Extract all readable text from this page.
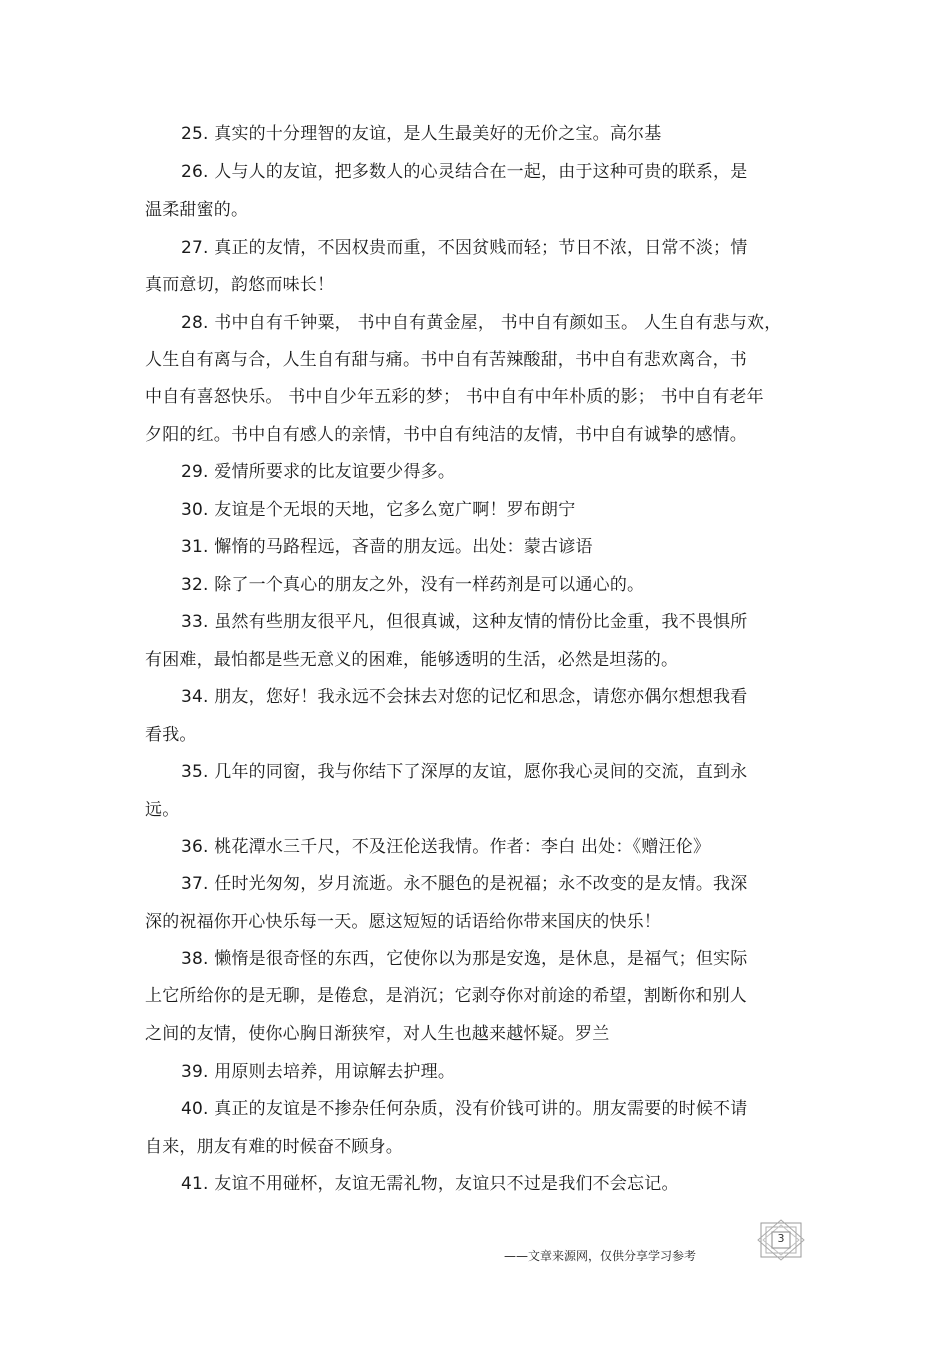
25. 真实的十分理智的友谊，是人生最美好的无价之宝。高尔基
26. 人与人的友谊，把多数人的心灵结合在一起，由于这种可贵的联系，是
温柔甜蜜的。
27. 真正的友情，不因权贵而重，不因贫贱而轻；节日不浓，日常不淡；情
真而意切，韵悠而味长！
28. 书中自有千钟粟， 书中自有黄金屋， 书中自有颜如玉。 人生自有悲与欢，
人生自有离与合，人生自有甜与痛。书中自有苦辣酸甜，书中自有悲欢离合，书
中自有喜怒快乐。 书中自少年五彩的梦； 书中自有中年朴质的影； 书中自有老年
夕阳的红。书中自有感人的亲情，书中自有纯洁的友情，书中自有诚挚的感情。
29. 爱情所要求的比友谊要少得多。
30. 友谊是个无垠的天地，它多么宽广啊！罗布朗宁
31. 懈惰的马路程远，吝啬的朋友远。出处：蒙古谚语
32. 除了一个真心的朋友之外，没有一样药剂是可以通心的。
33. 虽然有些朋友很平凡，但很真诚，这种友情的情份比金重，我不畏惧所
有困难，最怕都是些无意义的困难，能够透明的生活，必然是坦荡的。
34. 朋友，您好！我永远不会抹去对您的记忆和思念，请您亦偶尔想想我看
看我。
35. 几年的同窗，我与你结下了深厚的友谊，愿你我心灵间的交流，直到永
远。
36. 桃花潭水三千尺，不及汪伦送我情。作者：李白 出处：《赠汪伦》
37. 任时光匆匆，岁月流逝。永不腿色的是祝福；永不改变的是友情。我深
深的祝福你开心快乐每一天。愿这短短的话语给你带来国庆的快乐！
38. 懒惰是很奇怪的东西，它使你以为那是安逸，是休息，是福气；但实际
上它所给你的是无聊，是倦怠，是消沉；它剥夺你对前途的希望，割断你和别人
之间的友情，使你心胸日渐狭窄，对人生也越来越怀疑。罗兰
39. 用原则去培养，用谅解去护理。
40. 真正的友谊是不掺杂任何杂质，没有价钱可讲的。朋友需要的时候不请
自来，朋友有难的时候奋不顾身。
41. 友谊不用碰杯，友谊无需礼物，友谊只不过是我们不会忘记。
——文章来源网，仅供分享学习参考
3
